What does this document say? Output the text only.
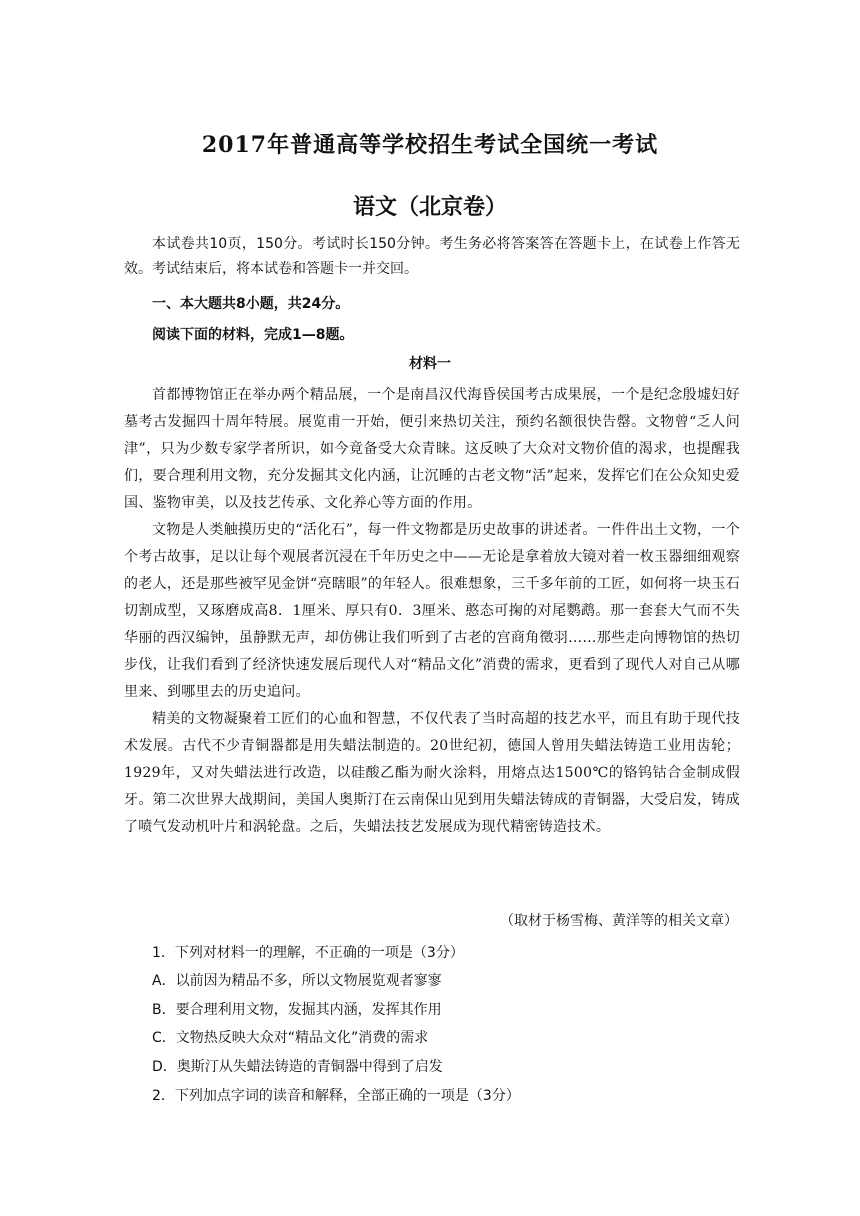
2017年普通高等学校招生考试全国统一考试
语文（北京卷）
本试卷共10页，150分。考试时长150分钟。考生务必将答案答在答题卡上，在试卷上作答无效。考试结束后，将本试卷和答题卡一并交回。
一、本大题共8小题，共24分。
阅读下面的材料，完成1—8题。
材料一

首都博物馆正在举办两个精品展，一个是南昌汉代海昏侯国考古成果展，一个是纪念殷墟妇好墓考古发掘四十周年特展。展览甫一开始，便引来热切关注，预约名额很快告罄。文物曾“乏人问津”，只为少数专家学者所识，如今竟备受大众青睐。这反映了大众对文物价值的渴求，也提醒我们，要合理利用文物，充分发掘其文化内涵，让沉睡的古老文物“活”起来，发挥它们在公众知史爱国、鉴物审美，以及技艺传承、文化养心等方面的作用。

文物是人类触摸历史的“活化石”，每一件文物都是历史故事的讲述者。一件件出土文物，一个个考古故事，足以让每个观展者沉浸在千年历史之中——无论是拿着放大镜对着一枚玉器细细观察的老人，还是那些被罕见金饼“亮瞎眼”的年轻人。很难想象，三千多年前的工匠，如何将一块玉石切割成型，又琢磨成高8．1厘米、厚只有0．3厘米、憨态可掬的对尾鹦鹉。那一套套大气而不失华丽的西汉编钟，虽静默无声，却仿佛让我们听到了古老的宫商角徵羽……那些走向博物馆的热切步伐，让我们看到了经济快速发展后现代人对“精品文化”消费的需求，更看到了现代人对自己从哪里来、到哪里去的历史追问。

精美的文物凝聚着工匠们的心血和智慧，不仅代表了当时高超的技艺水平，而且有助于现代技术发展。古代不少青铜器都是用失蜡法制造的。20世纪初，德国人曾用失蜡法铸造工业用齿轮；1929年，又对失蜡法进行改造，以硅酸乙酯为耐火涂料，用熔点达1500℃的铬钨钴合金制成假牙。第二次世界大战期间，美国人奥斯汀在云南保山见到用失蜡法铸成的青铜器，大受启发，铸成了喷气发动机叶片和涡轮盘。之后，失蜡法技艺发展成为现代精密铸造技术。

（取材于杨雪梅、黄洋等的相关文章）
1．下列对材料一的理解，不正确的一项是（3分）
A．以前因为精品不多，所以文物展览观者寥寥
B．要合理利用文物，发掘其内涵，发挥其作用
C．文物热反映大众对“精品文化”消费的需求
D．奥斯汀从失蜡法铸造的青铜器中得到了启发
2．下列加点字词的读音和解释，全部正确的一项是（3分）
